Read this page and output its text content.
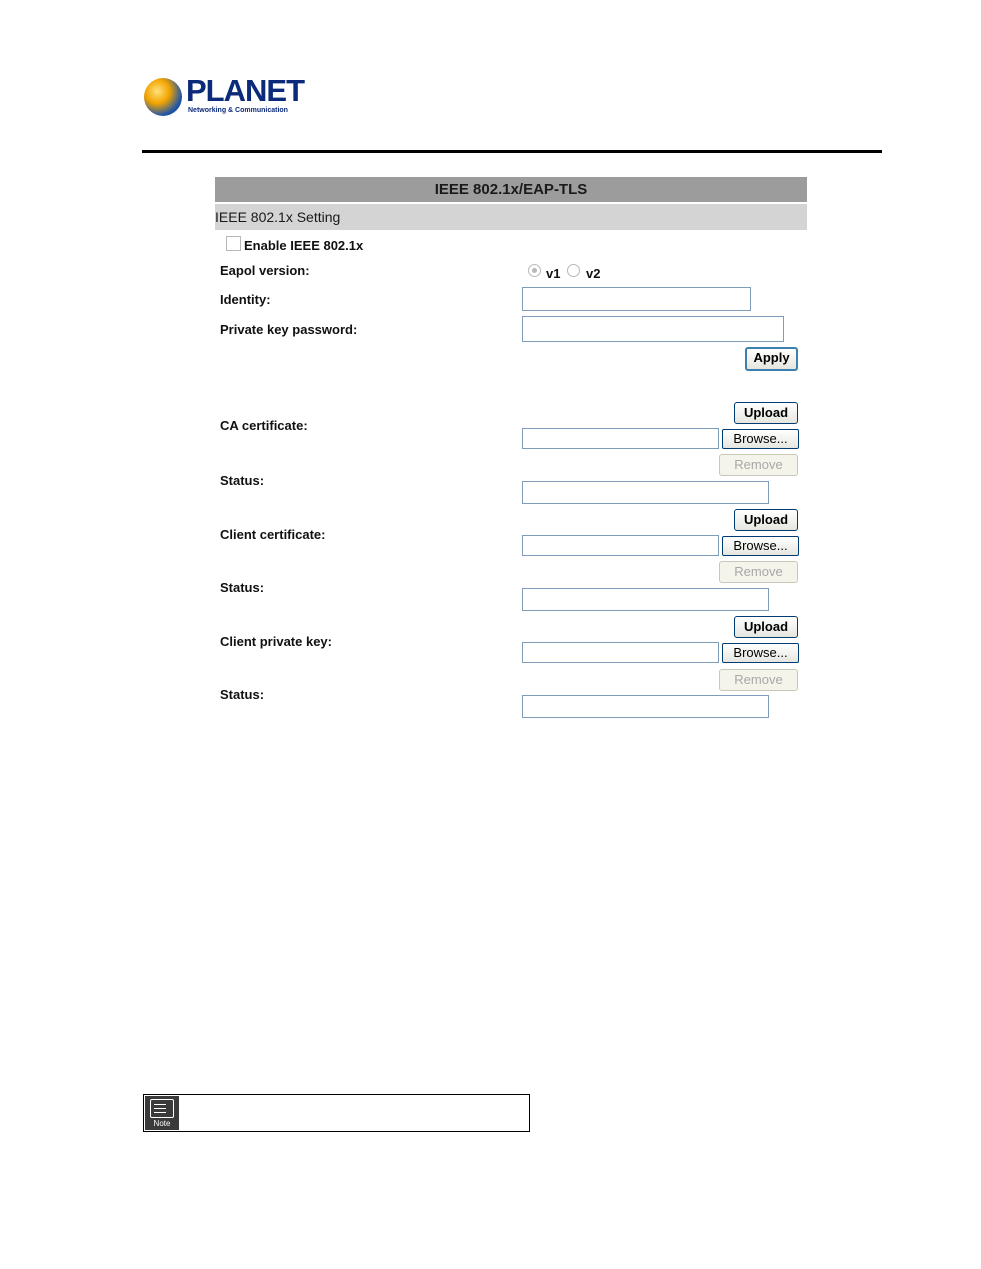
PLANET
Networking & Communication
IEEE 802.1x/EAP-TLS
IEEE 802.1x Setting
Enable IEEE 802.1x
Eapol version:	v1 v2
Identity:
Private key password:
Apply
Upload
CA certificate:
Browse...
Remove
Status:
Upload
Client certificate:
Browse...
Remove
Status:
Upload
Client private key:
Browse...
Remove
Status:
Note
